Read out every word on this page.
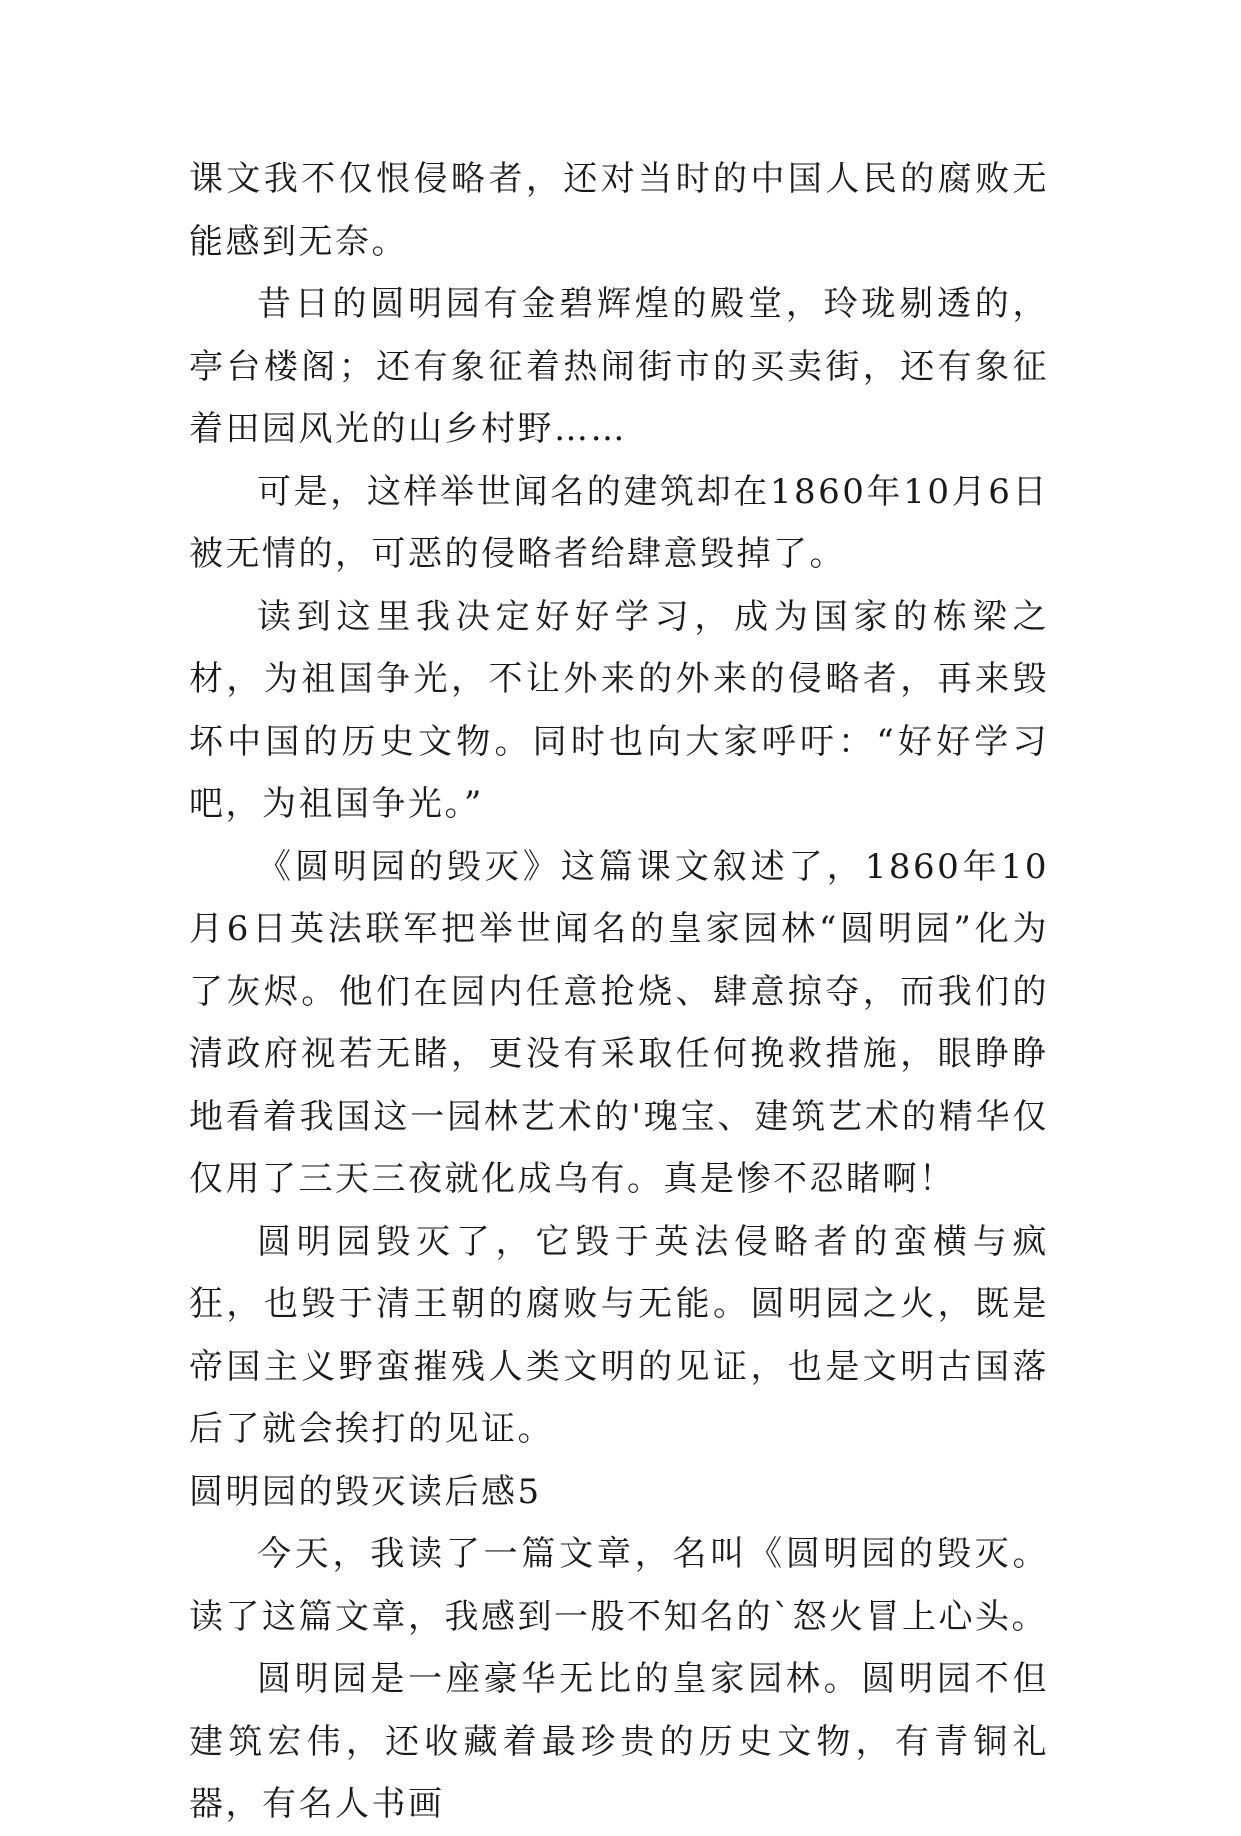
课文我不仅恨侵略者，还对当时的中国人民的腐败无能感到无奈。

昔日的圆明园有金碧辉煌的殿堂，玲珑剔透的，亭台楼阁；还有象征着热闹街市的买卖街，还有象征着田园风光的山乡村野……

可是，这样举世闻名的建筑却在1860年10月6日被无情的，可恶的侵略者给肆意毁掉了。

读到这里我决定好好学习，成为国家的栋梁之材，为祖国争光，不让外来的外来的侵略者，再来毁坏中国的历史文物。同时也向大家呼吁：“好好学习吧，为祖国争光。”

《圆明园的毁灭》这篇课文叙述了，1860年10月6日英法联军把举世闻名的皇家园林“圆明园”化为了灰烬。他们在园内任意抢烧、肆意掠夺，而我们的清政府视若无睹，更没有采取任何挽救措施，眼睁睁地看着我国这一园林艺术的'瑰宝、建筑艺术的精华仅仅用了三天三夜就化成乌有。真是惨不忍睹啊！

圆明园毁灭了，它毁于英法侵略者的蛮横与疯狂，也毁于清王朝的腐败与无能。圆明园之火，既是帝国主义野蛮摧残人类文明的见证，也是文明古国落后了就会挨打的见证。

圆明园的毁灭读后感5

今天，我读了一篇文章，名叫《圆明园的毁灭。读了这篇文章，我感到一股不知名的`怒火冒上心头。

圆明园是一座豪华无比的皇家园林。圆明园不但建筑宏伟，还收藏着最珍贵的历史文物，有青铜礼器，有名人书画
